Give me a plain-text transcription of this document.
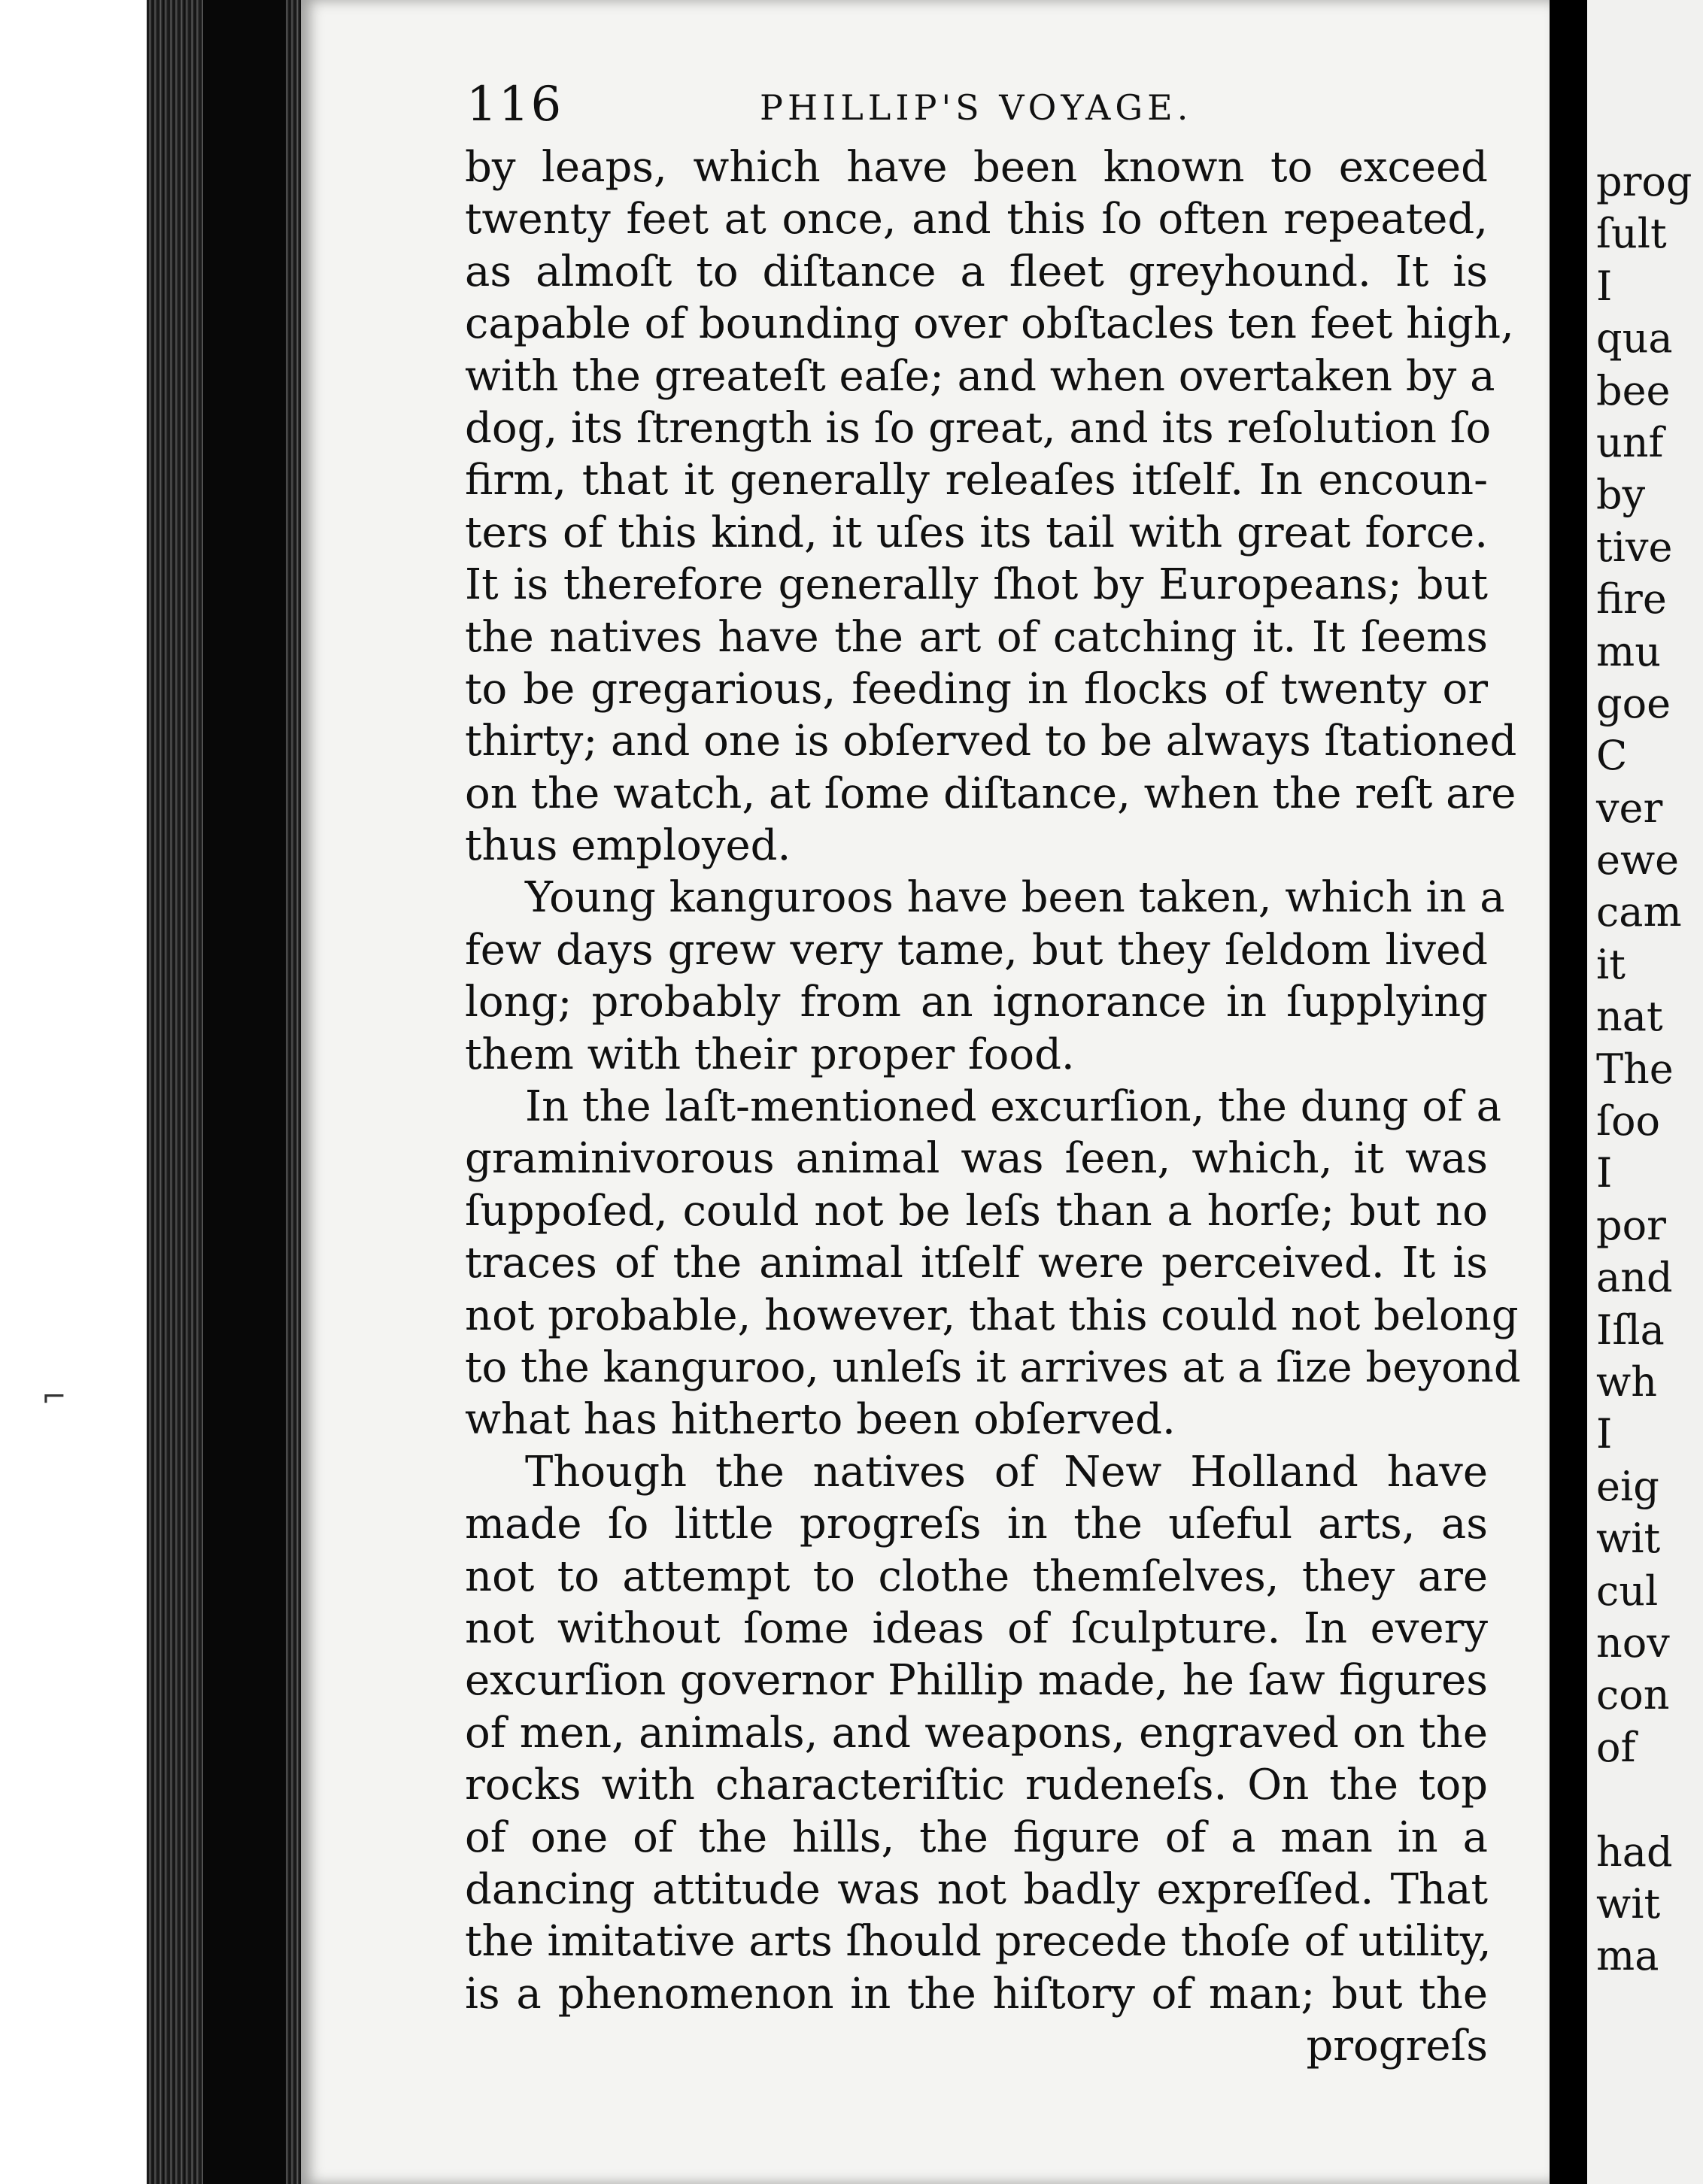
116	PHILLIP'S VOYAGE.
by leaps, which have been known to exceed
twenty feet at once, and this ſo often repeated,
as almoſt to diſtance a fleet greyhound. It is
capable of bounding over obſtacles ten feet high,
with the greateſt eaſe; and when overtaken by a
dog, its ſtrength is ſo great, and its reſolution ſo
firm, that it generally releaſes itſelf. In encoun-
ters of this kind, it uſes its tail with great force.
It is therefore generally ſhot by Europeans; but
the natives have the art of catching it. It ſeems
to be gregarious, feeding in flocks of twenty or
thirty; and one is obſerved to be always ſtationed
on the watch, at ſome diſtance, when the reſt are
thus employed.
Young kanguroos have been taken, which in a
few days grew very tame, but they ſeldom lived
long; probably from an ignorance in ſupplying
them with their proper food.
In the laſt-mentioned excurſion, the dung of a
graminivorous animal was ſeen, which, it was
ſuppoſed, could not be leſs than a horſe; but no
traces of the animal itſelf were perceived. It is
not probable, however, that this could not belong
to the kanguroo, unleſs it arrives at a ſize beyond
what has hitherto been obſerved.
Though the natives of New Holland have
made ſo little progreſs in the uſeful arts, as
not to attempt to clothe themſelves, they are
not without ſome ideas of ſculpture. In every
excurſion governor Phillip made, he ſaw figures
of men, animals, and weapons, engraved on the
rocks with characteriſtic rudeneſs. On the top
of one of the hills, the figure of a man in a
dancing attitude was not badly expreſſed. That
the imitative arts ſhould precede thoſe of utility,
is a phenomenon in the hiſtory of man; but the
progreſs
prog
ſult
I
qua
bee
unf
by
tive
fire
mu
goe
C
ver
ewe
cam
it
nat
The
ſoo
I
por
and
Iſla
wh
I
eig
wit
cul
nov
con
of
had
wit
ma
⌐
